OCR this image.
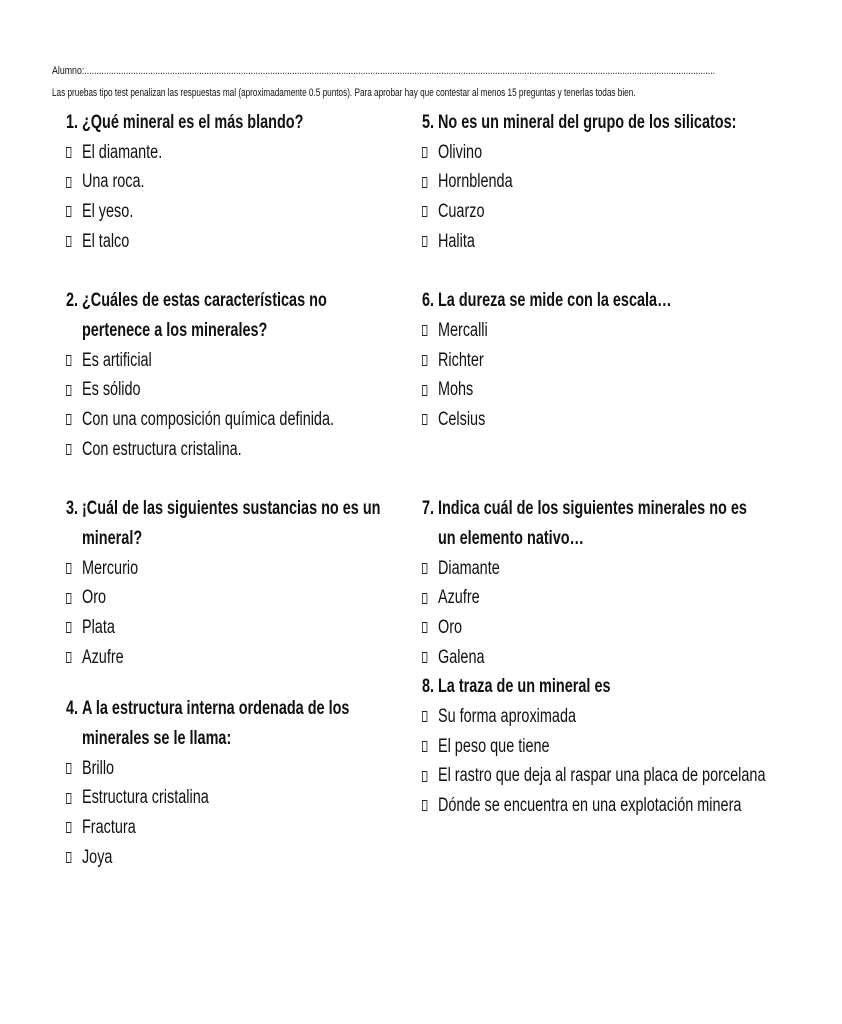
Alumno:..................................................................................................................................................................................................................................................................
Las pruebas tipo test penalizan las respuestas mal (aproximadamente 0.5 puntos). Para aprobar hay que contestar al menos 15 preguntas y tenerlas todas bien.
1. ¿Qué mineral es el más blando?
El diamante.
Una roca.
El yeso.
El talco
2. ¿Cuáles de estas características no pertenece a los minerales?
Es artificial
Es sólido
Con una composición química definida.
Con estructura cristalina.
3. ¡Cuál de las siguientes sustancias no es un mineral?
Mercurio
Oro
Plata
Azufre
4. A la estructura interna ordenada de los minerales se le llama:
Brillo
Estructura cristalina
Fractura
Joya
5. No es un mineral del grupo de los silicatos:
Olivino
Hornblenda
Cuarzo
Halita
6. La dureza se mide con la escala…
Mercalli
Richter
Mohs
Celsius
7. Indica cuál de los siguientes minerales no es un elemento nativo…
Diamante
Azufre
Oro
Galena
8. La traza de un mineral es
Su forma aproximada
El peso que tiene
El rastro que deja al raspar una placa de porcelana
Dónde se encuentra en una explotación minera
